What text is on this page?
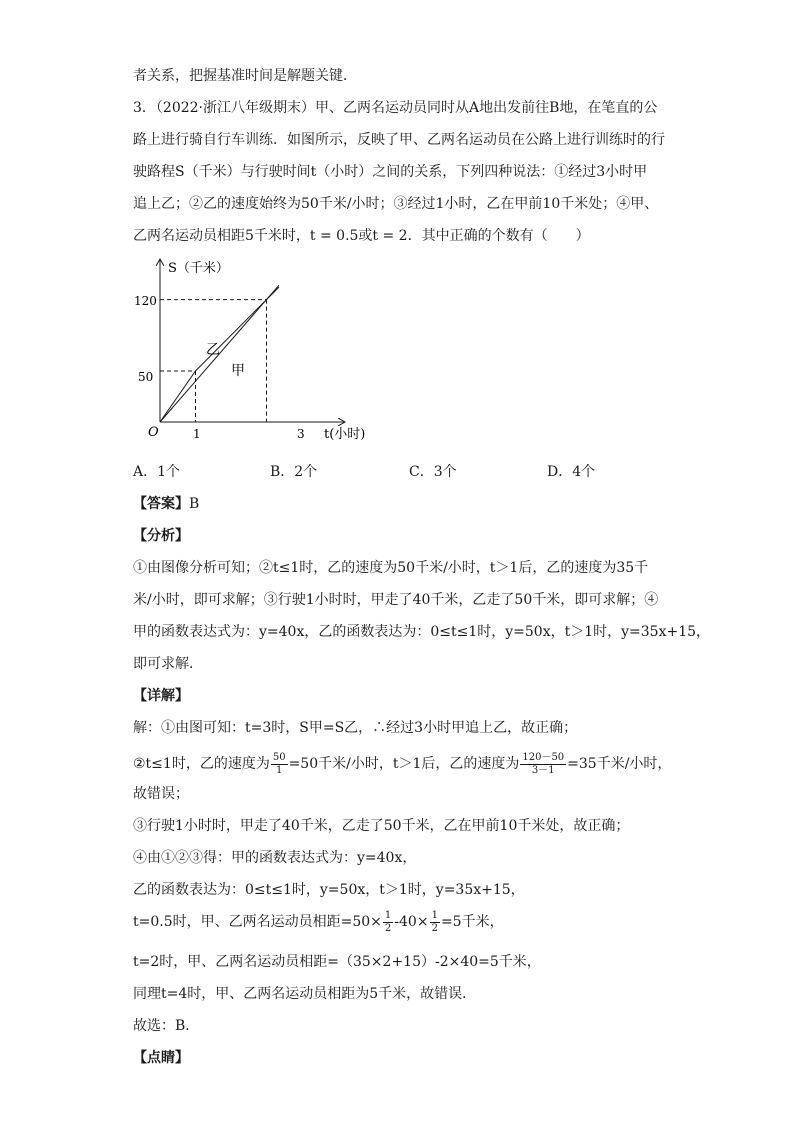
者关系，把握基准时间是解题关键．
3．（2022·浙江八年级期末）甲、乙两名运动员同时从A地出发前往B地，在笔直的公
路上进行骑自行车训练．如图所示，反映了甲、乙两名运动员在公路上进行训练时的行
驶路程S（千米）与行驶时间t（小时）之间的关系，下列四种说法：①经过3小时甲
追上乙；②乙的速度始终为50千米/小时；③经过1小时，乙在甲前10千米处；④甲、
乙两名运动员相距5千米时，t = 0.5或t = 2．其中正确的个数有（　　）
S（千米）
t(小时)
O
120
50
1	3
乙
甲
A．1个	B．2个	C．3个	D．4个
【答案】B
【分析】
①由图像分析可知；②t≤1时，乙的速度为50千米/小时，t＞1后，乙的速度为35千
米/小时，即可求解；③行驶1小时时，甲走了40千米，乙走了50千米，即可求解；④
甲的函数表达式为：y=40x，乙的函数表达为：0≤t≤1时，y=50x，t＞1时，y=35x+15，
即可求解．
【详解】
解：①由图可知：t=3时，S甲=S乙，∴经过3小时甲追上乙，故正确；
②t≤1时，乙的速度为 $\frac{50}{1} =50$千米/小时，t＞1后，乙的速度为 $\frac{120-50}{3-1} =35$千米/小时，
故错误；
③行驶1小时时，甲走了40千米，乙走了50千米，乙在甲前10千米处，故正确；
④由①②③得：甲的函数表达式为：y=40x，
乙的函数表达为：0≤t≤1时，y=50x，t＞1时，y=35x+15，
t=0.5时，甲、乙两名运动员相距$=50\times \frac{1}{2} -40\times \frac{1}{2} =5$千米，
t=2时，甲、乙两名运动员相距=（35×2+15）-2×40=5千米，
同理t=4时，甲、乙两名运动员相距为5千米，故错误．
故选：B．
【点睛】
